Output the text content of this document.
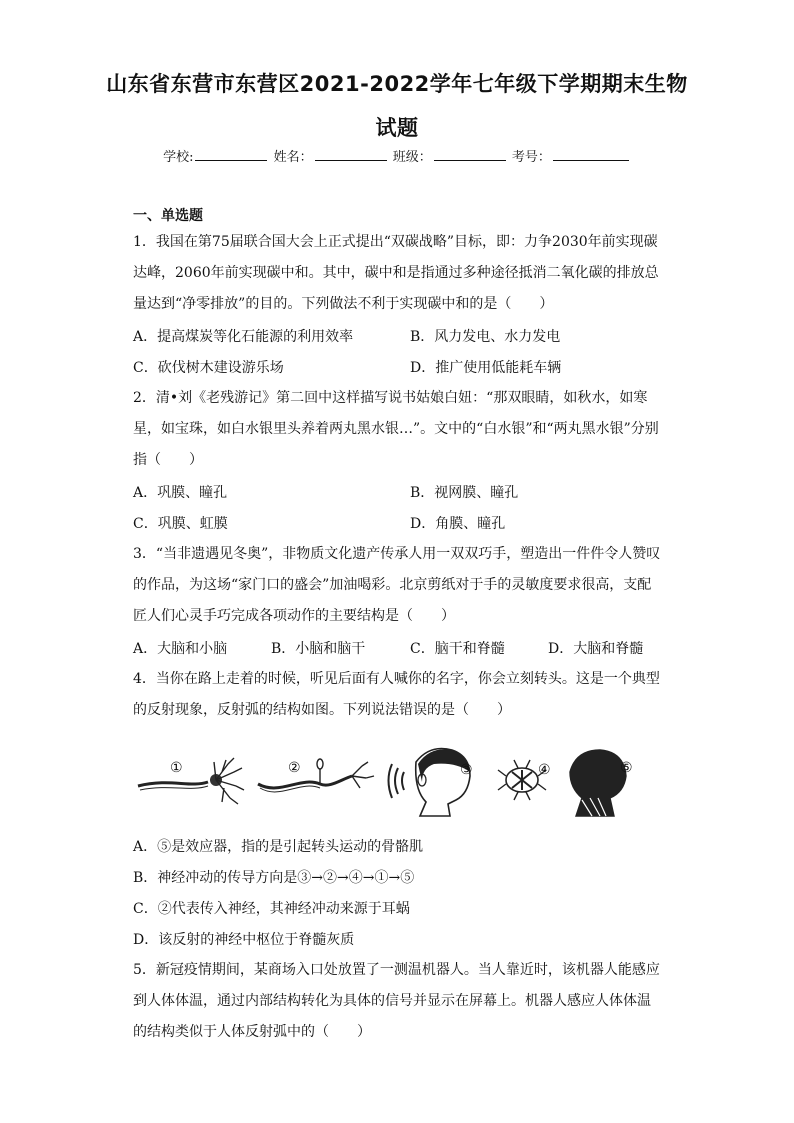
山东省东营市东营区2021-2022学年七年级下学期期末生物
试题
学校:	姓名：	班级：	考号：
一、单选题
1．我国在第75届联合国大会上正式提出“双碳战略”目标，即：力争2030年前实现碳
达峰，2060年前实现碳中和。其中，碳中和是指通过多种途径抵消二氧化碳的排放总
量达到“净零排放”的目的。下列做法不利于实现碳中和的是（　　）
A．提高煤炭等化石能源的利用效率	B．风力发电、水力发电
C．砍伐树木建设游乐场	D．推广使用低能耗车辆
2．清•刘《老残游记》第二回中这样描写说书姑娘白妞：“那双眼睛，如秋水，如寒
星，如宝珠，如白水银里头养着两丸黑水银…”。文中的“白水银”和“两丸黑水银”分别
指（　　）
A．巩膜、瞳孔	B．视网膜、瞳孔
C．巩膜、虹膜	D．角膜、瞳孔
3．“当非遗遇见冬奥”，非物质文化遗产传承人用一双双巧手，塑造出一件件令人赞叹
的作品，为这场“家门口的盛会”加油喝彩。北京剪纸对于手的灵敏度要求很高，支配
匠人们心灵手巧完成各项动作的主要结构是（　　）
A．大脑和小脑	B．小脑和脑干	C．脑干和脊髓	D．大脑和脊髓
4．当你在路上走着的时候，听见后面有人喊你的名字，你会立刻转头。这是一个典型
的反射现象，反射弧的结构如图。下列说法错误的是（　　）
①	②	③	④	⑤
A．⑤是效应器，指的是引起转头运动的骨骼肌
B．神经冲动的传导方向是③→②→④→①→⑤
C．②代表传入神经，其神经冲动来源于耳蜗
D．该反射的神经中枢位于脊髓灰质
5．新冠疫情期间，某商场入口处放置了一测温机器人。当人靠近时，该机器人能感应
到人体体温，通过内部结构转化为具体的信号并显示在屏幕上。机器人感应人体体温
的结构类似于人体反射弧中的（　　）
